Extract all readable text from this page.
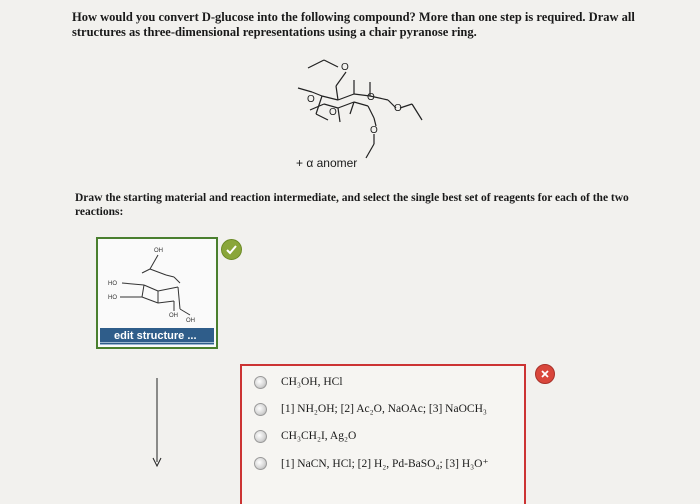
How would you convert D-glucose into the following compound? More than one step is required. Draw all structures as three-dimensional representations using a chair pyranose ring.
O
O	O
O	O
O
+ α anomer
Draw the starting material and reaction intermediate, and select the single best set of reagents for each of the two reactions:
OH
HO
HO
OH
OH
edit structure ...
CH₃OH, HCl
[1] NH₂OH; [2] Ac₂O, NaOAc; [3] NaOCH₃
CH₃CH₂I, Ag₂O
[1] NaCN, HCl; [2] H₂, Pd-BaSO₄; [3] H₃O⁺
